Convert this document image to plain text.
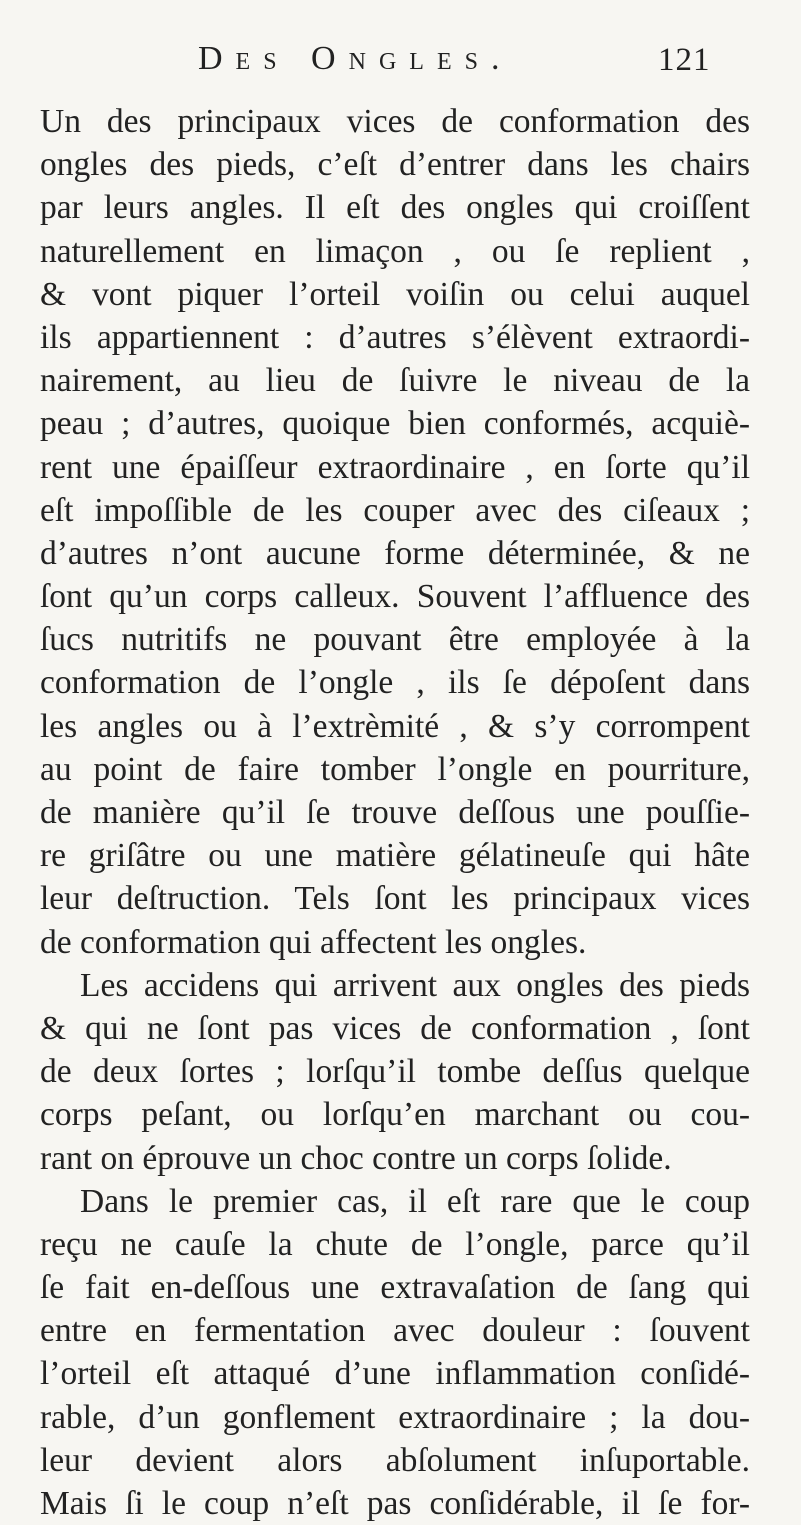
Des Ongles.	121
Un des principaux vices de conformation des
ongles des pieds, c’eſt d’entrer dans les chairs
par leurs angles. Il eſt des ongles qui croiſſent
naturellement en limaçon , ou ſe replient ,
& vont piquer l’orteil voiſin ou celui auquel
ils appartiennent : d’autres s’élèvent extraordi-
nairement, au lieu de ſuivre le niveau de la
peau ; d’autres, quoique bien conformés, acquiè-
rent une épaiſſeur extraordinaire , en ſorte qu’il
eſt impoſſible de les couper avec des ciſeaux ;
d’autres n’ont aucune forme déterminée, & ne
ſont qu’un corps calleux. Souvent l’affluence des
ſucs nutritifs ne pouvant être employée à la
conformation de l’ongle , ils ſe dépoſent dans
les angles ou à l’extrèmité , & s’y corrompent
au point de faire tomber l’ongle en pourriture,
de manière qu’il ſe trouve deſſous une pouſſie-
re griſâtre ou une matière gélatineuſe qui hâte
leur deſtruction. Tels ſont les principaux vices
de conformation qui affectent les ongles.
Les accidens qui arrivent aux ongles des pieds
& qui ne ſont pas vices de conformation , ſont
de deux ſortes ; lorſqu’il tombe deſſus quelque
corps peſant, ou lorſqu’en marchant ou cou-
rant on éprouve un choc contre un corps ſolide.
Dans le premier cas, il eſt rare que le coup
reçu ne cauſe la chute de l’ongle, parce qu’il
ſe fait en-deſſous une extravaſation de ſang qui
entre en fermentation avec douleur : ſouvent
l’orteil eſt attaqué d’une inflammation conſidé-
rable, d’un gonflement extraordinaire ; la dou-
leur devient alors abſolument inſuportable.
Mais ſi le coup n’eſt pas conſidérable, il ſe for-
